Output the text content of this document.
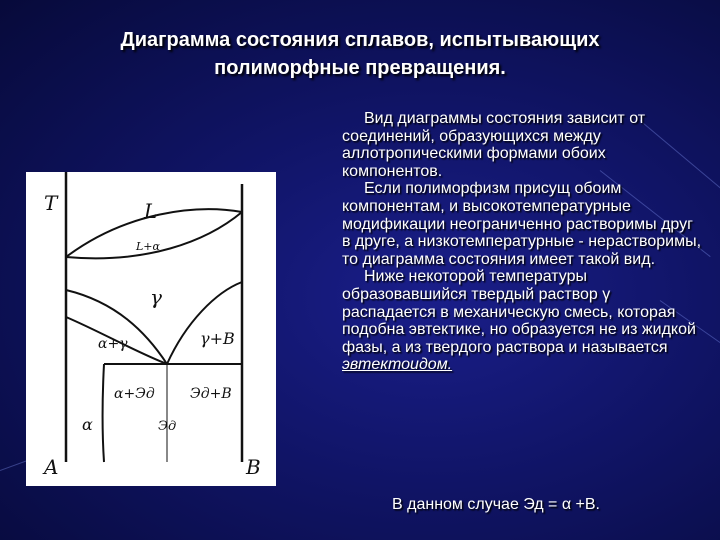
Диаграмма состояния сплавов, испытывающих
полиморфные превращения.
T
A	B
L
L+α
γ
α+γ	γ+B
α+Эд	Эд+B
α	Эд

Вид диаграммы состояния зависит от соединений, образующихся между аллотропическими формами обоих компонентов.

Если полиморфизм присущ обоим компонентам, и высокотемпературные модификации неограниченно растворимы друг в друге, а низкотемпературные - нерастворимы, то диаграмма состояния имеет такой вид.

Ниже некоторой температуры образовавшийся твердый раствор γ распадается в механическую смесь, которая подобна эвтектике, но образуется не из жидкой фазы, а из твердого раствора и называется эвтектоидом.

В данном случае Эд = α +B.
